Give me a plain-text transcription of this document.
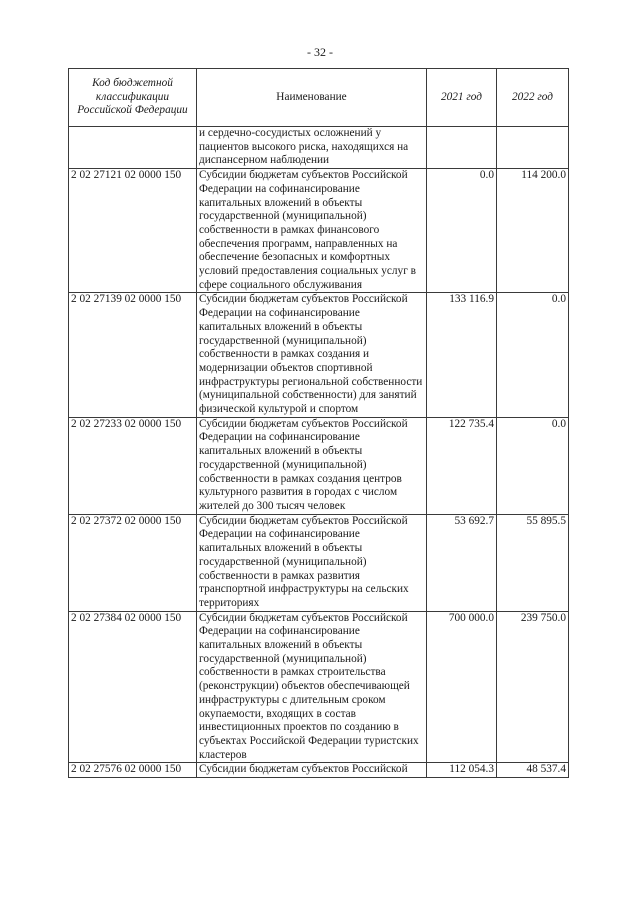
- 32 -
Код бюджетной классификации Российской Федерации	Наименование	2021 год	2022 год
	и сердечно-сосудистых осложнений у пациентов высокого риска, находящихся на диспансерном наблюдении		
2 02 27121 02 0000 150	Субсидии бюджетам субъектов Российской Федерации на софинансирование капитальных вложений в объекты государственной (муниципальной) собственности в рамках финансового обеспечения программ, направленных на обеспечение безопасных и комфортных условий предоставления социальных услуг в сфере социального обслуживания	0.0	114 200.0
2 02 27139 02 0000 150	Субсидии бюджетам субъектов Российской Федерации на софинансирование капитальных вложений в объекты государственной (муниципальной) собственности в рамках создания и модернизации объектов спортивной инфраструктуры региональной собственности (муниципальной собственности) для занятий физической культурой и спортом	133 116.9	0.0
2 02 27233 02 0000 150	Субсидии бюджетам субъектов Российской Федерации на софинансирование капитальных вложений в объекты государственной (муниципальной) собственности в рамках создания центров культурного развития в городах с числом жителей до 300 тысяч человек	122 735.4	0.0
2 02 27372 02 0000 150	Субсидии бюджетам субъектов Российской Федерации на софинансирование капитальных вложений в объекты государственной (муниципальной) собственности в рамках развития транспортной инфраструктуры на сельских территориях	53 692.7	55 895.5
2 02 27384 02 0000 150	Субсидии бюджетам субъектов Российской Федерации на софинансирование капитальных вложений в объекты государственной (муниципальной) собственности в рамках строительства (реконструкции) объектов обеспечивающей инфраструктуры с длительным сроком окупаемости, входящих в состав инвестиционных проектов по созданию в субъектах Российской Федерации туристских кластеров	700 000.0	239 750.0
2 02 27576 02 0000 150	Субсидии бюджетам субъектов Российской	112 054.3	48 537.4
